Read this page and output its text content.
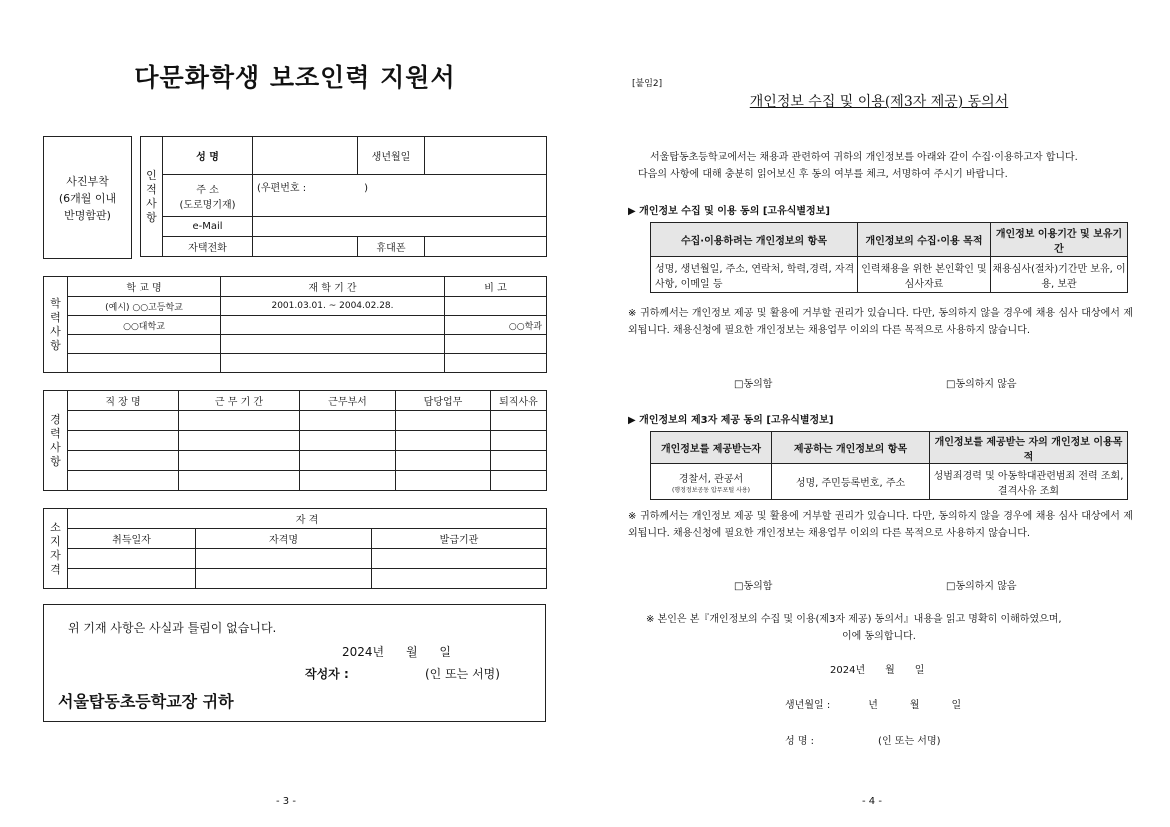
다문화학생 보조인력 지원서
사진부착
(6개월 이내
반명함판)
인
적
사
항	성 명		생년월일	
	주 소
(도로명기재)	(우편번호 : )		
	e-Mail			
	자택전화		휴대폰	
학
력
사
항	학 교 명	재 학 기 간	비 고
	(예시) ○○고등학교	2001.03.01. ~ 2004.02.28.	
	○○대학교		○○학과

경
력
사
항	직 장 명	근 무 기 간	근무부서	담당업무	퇴직사유

소
지
자
격	자 격		
	취득일자	자격명	발급기관

위 기재 사항은 사실과 틀림이 없습니다.
2024년 월 일
작성자 :	(인 또는 서명)
서울탑동초등학교장 귀하
- 3 -
[붙임2]
개인정보 수집 및 이용(제3자 제공) 동의서
서울탑동초등학교에서는 채용과 관련하여 귀하의 개인정보를 아래와 같이 수집·이용하고자 합니다.
다음의 사항에 대해 충분히 읽어보신 후 동의 여부를 체크, 서명하여 주시기 바랍니다.
▶ 개인정보 수집 및 이용 동의 [고유식별정보]
수집·이용하려는 개인정보의 항목	개인정보의 수집·이용 목적	개인정보 이용기간 및 보유기간
성명, 생년월일, 주소, 연락처, 학력,경력, 자격사항, 이메일 등	인력채용을 위한 본인확인 및 심사자료	채용심사(절차)기간만 보유, 이용, 보관
※ 귀하께서는 개인정보 제공 및 활용에 거부할 권리가 있습니다. 다만, 동의하지 않을 경우에 채용 심사 대상에서 제외됩니다. 채용신청에 필요한 개인정보는 채용업무 이외의 다른 목적으로 사용하지 않습니다.
□동의함	□동의하지 않음
▶ 개인정보의 제3자 제공 동의 [고유식별정보]
개인정보를 제공받는자	제공하는 개인정보의 항목	개인정보를 제공받는 자의 개인정보 이용목적

경찰서, 관공서
(행정정보공동 압무포털 사용)	성명, 주민등록번호, 주소	성범죄경력 및 아동학대관련범죄 전력 조회, 결격사유 조회
※ 귀하께서는 개인정보 제공 및 활용에 거부할 권리가 있습니다. 다만, 동의하지 않을 경우에 채용 심사 대상에서 제외됩니다. 채용신청에 필요한 개인정보는 채용업무 이외의 다른 목적으로 사용하지 않습니다.
□동의함	□동의하지 않음
※ 본인은 본『개인정보의 수집 및 이용(제3자 제공) 동의서』내용을 읽고 명확히 이해하였으며,
이에 동의합니다.
2024년 월 일
생년월일 :	년	월	일
성 명 :	(인 또는 서명)
- 4 -
